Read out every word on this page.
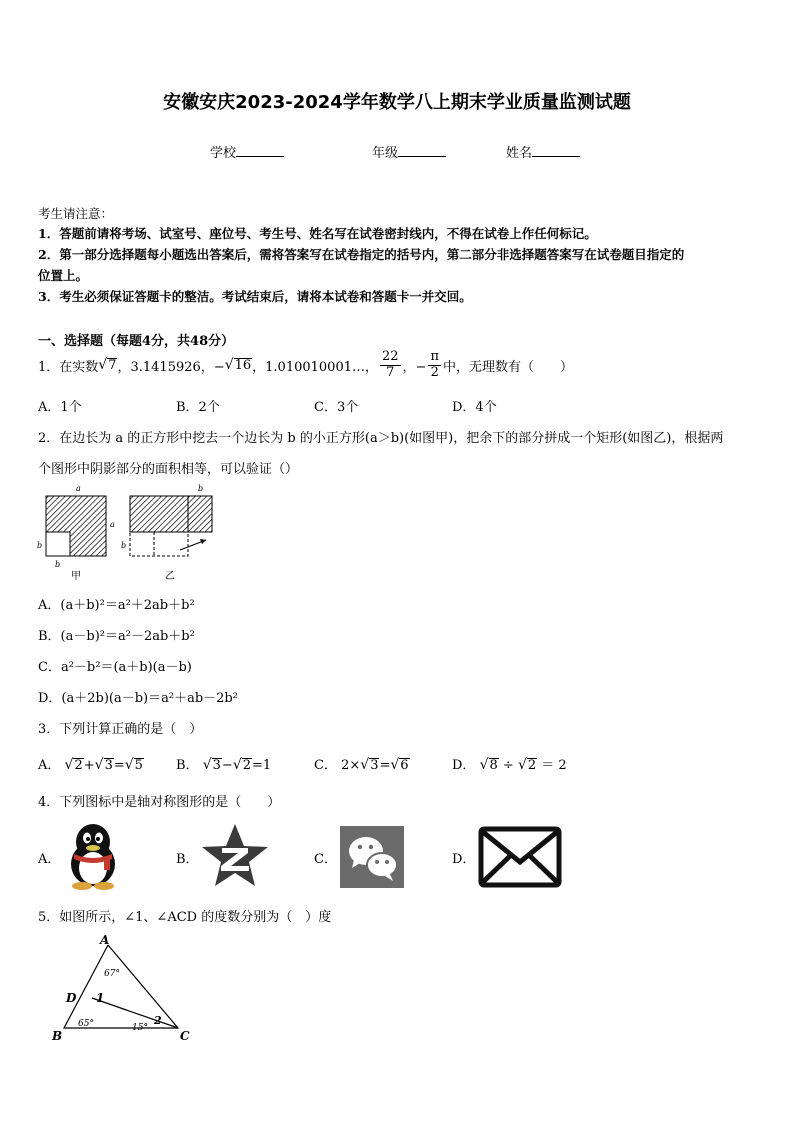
安徽安庆2023-2024学年数学八上期末学业质量监测试题
学校	年级	姓名
考生请注意：
1．答题前请将考场、试室号、座位号、考生号、姓名写在试卷密封线内，不得在试卷上作任何标记。
2．第一部分选择题每小题选出答案后，需将答案写在试卷指定的括号内，第二部分非选择题答案写在试卷题目指定的
位置上。
3．考生必须保证答题卡的整洁。考试结束后，请将本试卷和答题卡一并交回。
一、选择题（每题4分，共48分）
1．在实数 √ 7 ，3.1415926，− √ 16 ，1.010010001…， $\frac{22}{7}$ ，− $\frac{\pi}{2}$ 中，无理数有（　　）
A．1个	B．2个	C．3个	D．4个
2．在边长为 a 的正方形中挖去一个边长为 b 的小正方形(a＞b)(如图甲)，把余下的部分拼成一个矩形(如图乙)，根据两
个图形中阴影部分的面积相等，可以验证（）
a
a
b
b
甲
b
b
乙
A．(a＋b)²＝a²＋2ab＋b²
B．(a－b)²＝a²－2ab＋b²
C．a²－b²＝(a＋b)(a－b)
D．(a＋2b)(a－b)＝a²＋ab－2b²
3．下列计算正确的是（　）
A． √2+√3=√5	B． √3−√2=1	C． 2×√3=√6	D． √8 ÷ √2 ＝ 2
4．下列图标中是轴对称图形的是（　　）
A．	B．	C．	D．
5．如图所示，∠1、∠ACD 的度数分别为（　）度
A
B	C
D 1
2
67°
65°	15°
